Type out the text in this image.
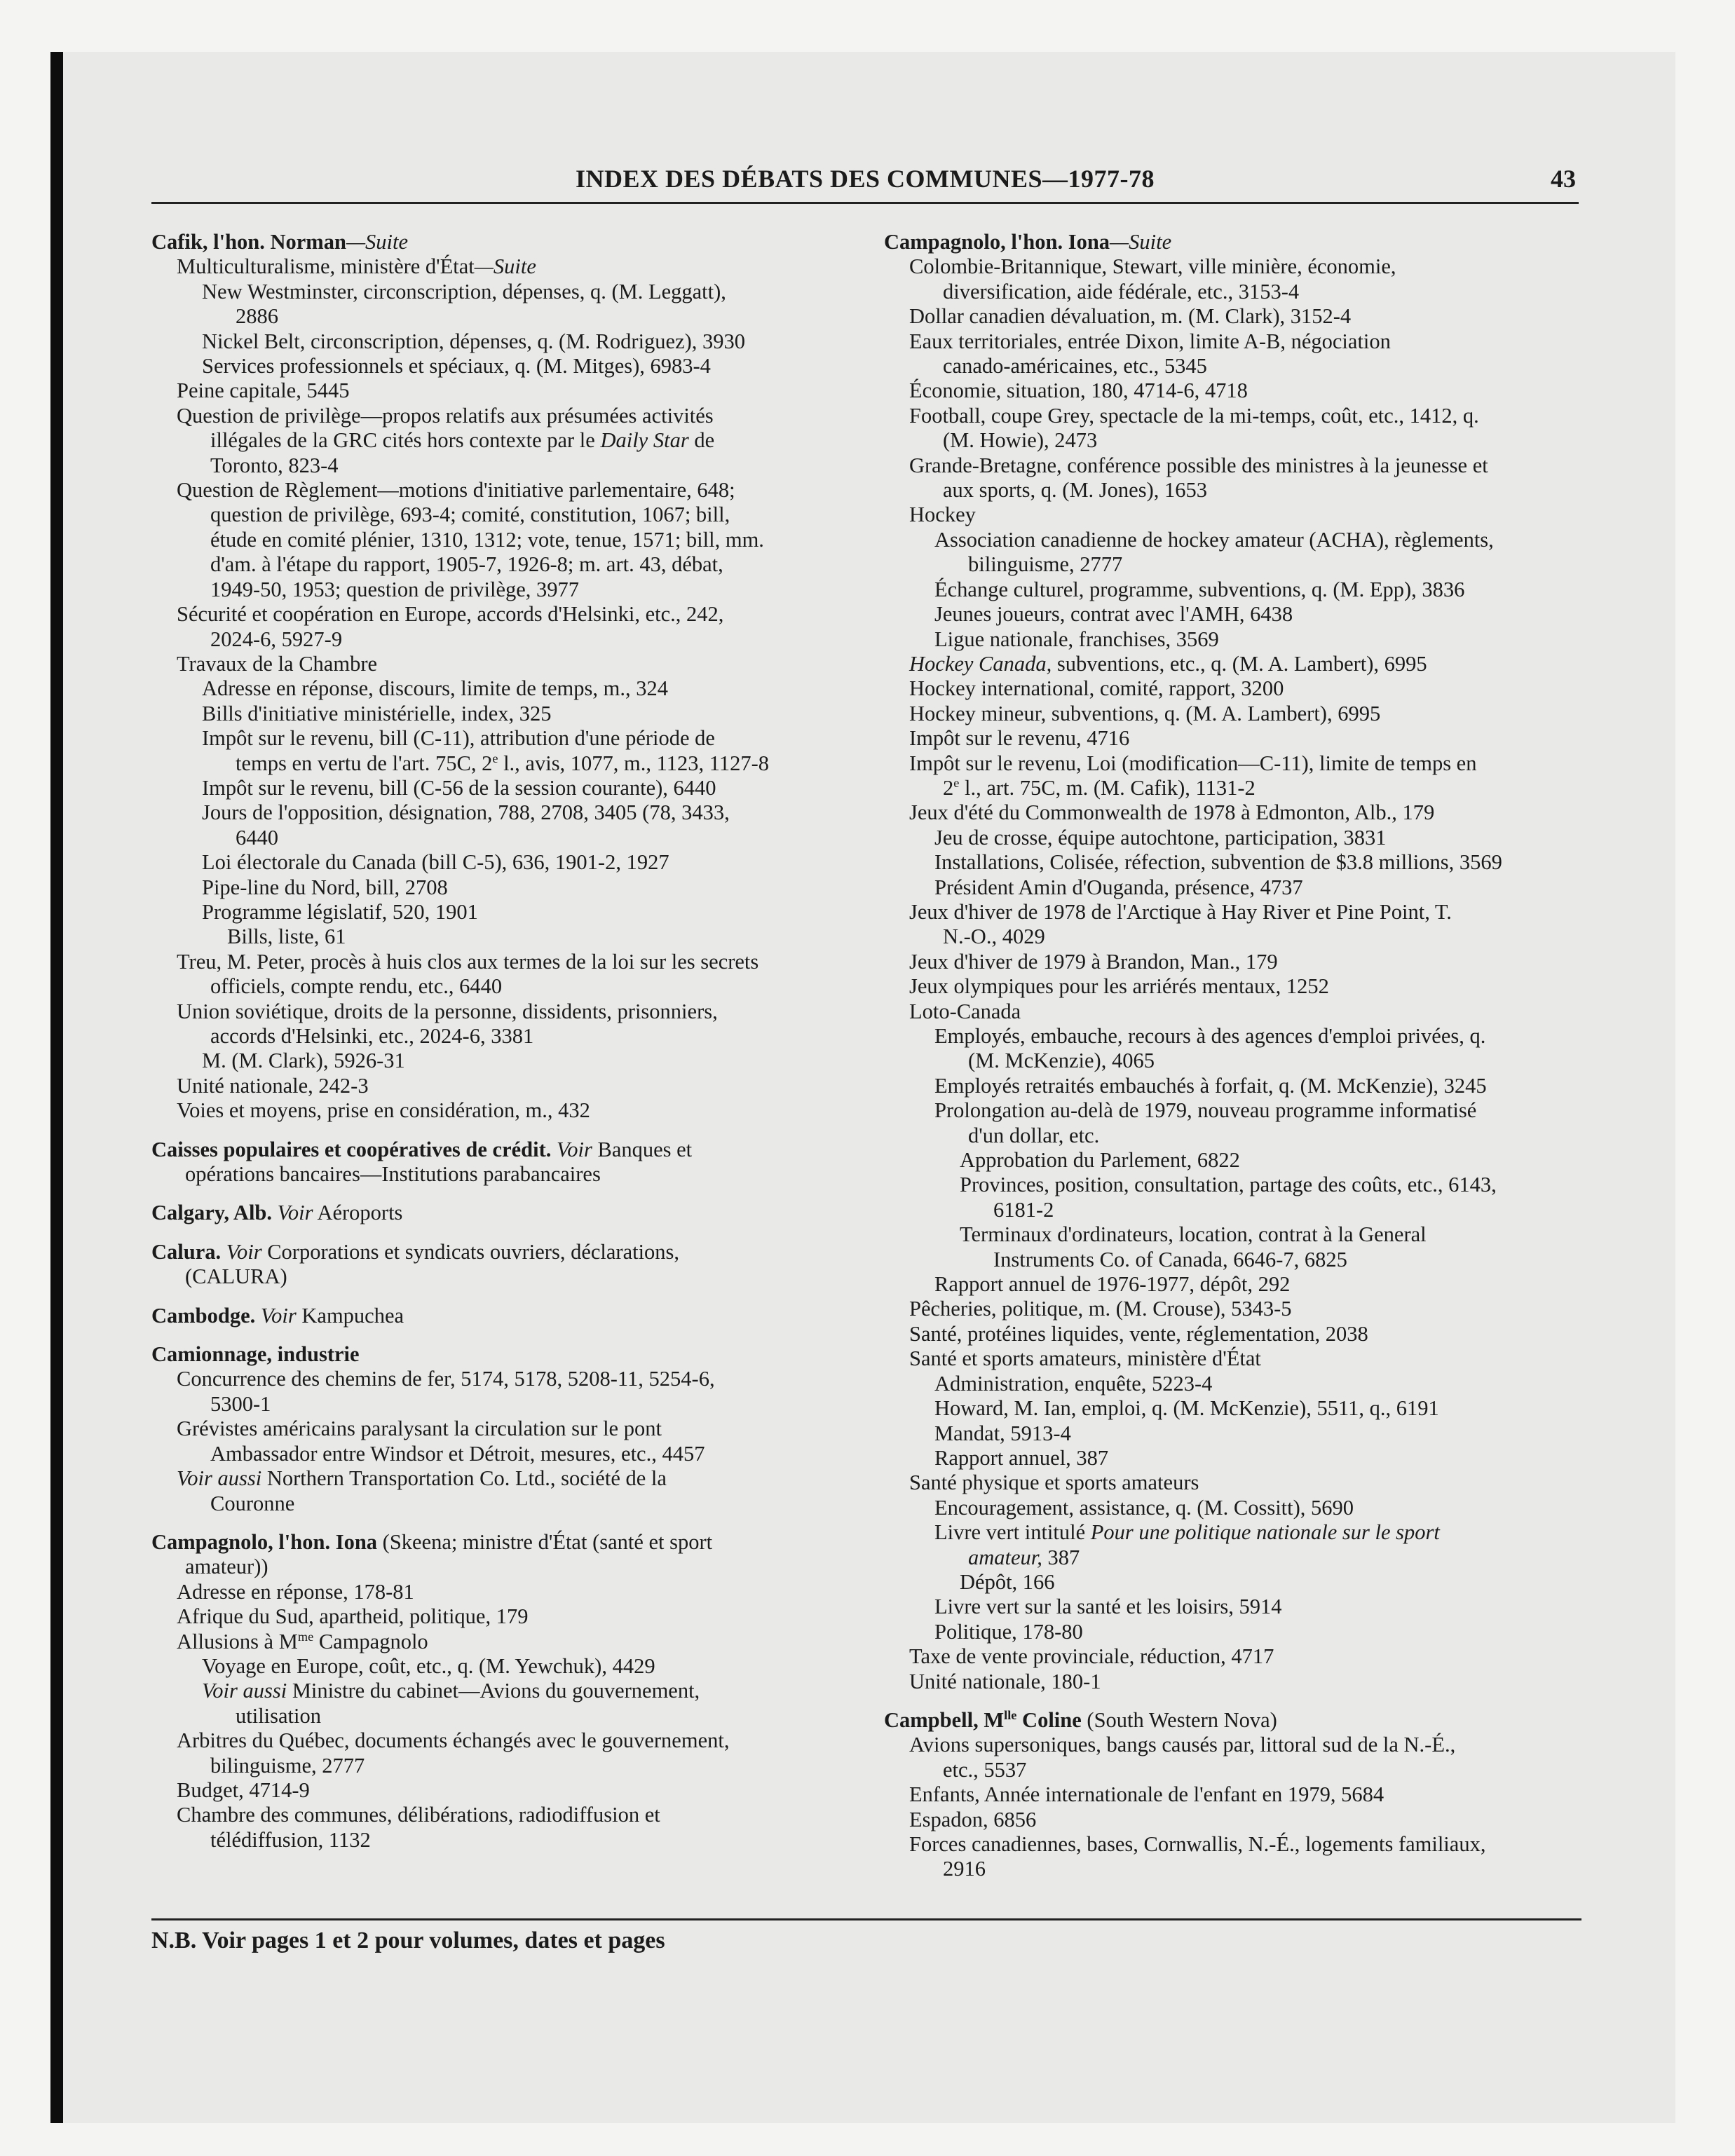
INDEX DES DÉBATS DES COMMUNES—1977-78	43
Cafik, l'hon. Norman—Suite
Multiculturalisme, ministère d'État—Suite
New Westminster, circonscription, dépenses, q. (M. Leggatt),
2886
Nickel Belt, circonscription, dépenses, q. (M. Rodriguez), 3930
Services professionnels et spéciaux, q. (M. Mitges), 6983-4
Peine capitale, 5445
Question de privilège—propos relatifs aux présumées activités
illégales de la GRC cités hors contexte par le Daily Star de
Toronto, 823-4
Question de Règlement—motions d'initiative parlementaire, 648;
question de privilège, 693-4; comité, constitution, 1067; bill,
étude en comité plénier, 1310, 1312; vote, tenue, 1571; bill, mm.
d'am. à l'étape du rapport, 1905-7, 1926-8; m. art. 43, débat,
1949-50, 1953; question de privilège, 3977
Sécurité et coopération en Europe, accords d'Helsinki, etc., 242,
2024-6, 5927-9
Travaux de la Chambre
Adresse en réponse, discours, limite de temps, m., 324
Bills d'initiative ministérielle, index, 325
Impôt sur le revenu, bill (C-11), attribution d'une période de
temps en vertu de l'art. 75C, 2e l., avis, 1077, m., 1123, 1127-8
Impôt sur le revenu, bill (C-56 de la session courante), 6440
Jours de l'opposition, désignation, 788, 2708, 3405 (78, 3433,
6440
Loi électorale du Canada (bill C-5), 636, 1901-2, 1927
Pipe-line du Nord, bill, 2708
Programme législatif, 520, 1901
Bills, liste, 61
Treu, M. Peter, procès à huis clos aux termes de la loi sur les secrets
officiels, compte rendu, etc., 6440
Union soviétique, droits de la personne, dissidents, prisonniers,
accords d'Helsinki, etc., 2024-6, 3381
M. (M. Clark), 5926-31
Unité nationale, 242-3
Voies et moyens, prise en considération, m., 432
Caisses populaires et coopératives de crédit. Voir Banques et
opérations bancaires—Institutions parabancaires
Calgary, Alb. Voir Aéroports
Calura. Voir Corporations et syndicats ouvriers, déclarations,
(CALURA)
Cambodge. Voir Kampuchea
Camionnage, industrie
Concurrence des chemins de fer, 5174, 5178, 5208-11, 5254-6,
5300-1
Grévistes américains paralysant la circulation sur le pont
Ambassador entre Windsor et Détroit, mesures, etc., 4457
Voir aussi Northern Transportation Co. Ltd., société de la
Couronne
Campagnolo, l'hon. Iona (Skeena; ministre d'État (santé et sport
amateur))
Adresse en réponse, 178-81
Afrique du Sud, apartheid, politique, 179
Allusions à $M^{me}$ Campagnolo
Voyage en Europe, coût, etc., q. (M. Yewchuk), 4429
Voir aussi Ministre du cabinet—Avions du gouvernement,
utilisation
Arbitres du Québec, documents échangés avec le gouvernement,
bilinguisme, 2777
Budget, 4714-9
Chambre des communes, délibérations, radiodiffusion et
télédiffusion, 1132
Campagnolo, l'hon. Iona—Suite
Colombie-Britannique, Stewart, ville minière, économie,
diversification, aide fédérale, etc., 3153-4
Dollar canadien dévaluation, m. (M. Clark), 3152-4
Eaux territoriales, entrée Dixon, limite A-B, négociation
canado-américaines, etc., 5345
Économie, situation, 180, 4714-6, 4718
Football, coupe Grey, spectacle de la mi-temps, coût, etc., 1412, q.
(M. Howie), 2473
Grande-Bretagne, conférence possible des ministres à la jeunesse et
aux sports, q. (M. Jones), 1653
Hockey
Association canadienne de hockey amateur (ACHA), règlements,
bilinguisme, 2777
Échange culturel, programme, subventions, q. (M. Epp), 3836
Jeunes joueurs, contrat avec l'AMH, 6438
Ligue nationale, franchises, 3569
Hockey Canada, subventions, etc., q. (M. A. Lambert), 6995
Hockey international, comité, rapport, 3200
Hockey mineur, subventions, q. (M. A. Lambert), 6995
Impôt sur le revenu, 4716
Impôt sur le revenu, Loi (modification—C-11), limite de temps en
2e l., art. 75C, m. (M. Cafik), 1131-2
Jeux d'été du Commonwealth de 1978 à Edmonton, Alb., 179
Jeu de crosse, équipe autochtone, participation, 3831
Installations, Colisée, réfection, subvention de $3.8 millions, 3569
Président Amin d'Ouganda, présence, 4737
Jeux d'hiver de 1978 de l'Arctique à Hay River et Pine Point, T.
N.-O., 4029
Jeux d'hiver de 1979 à Brandon, Man., 179
Jeux olympiques pour les arriérés mentaux, 1252
Loto-Canada
Employés, embauche, recours à des agences d'emploi privées, q.
(M. McKenzie), 4065
Employés retraités embauchés à forfait, q. (M. McKenzie), 3245
Prolongation au-delà de 1979, nouveau programme informatisé
d'un dollar, etc.
Approbation du Parlement, 6822
Provinces, position, consultation, partage des coûts, etc., 6143,
6181-2
Terminaux d'ordinateurs, location, contrat à la General
Instruments Co. of Canada, 6646-7, 6825
Rapport annuel de 1976-1977, dépôt, 292
Pêcheries, politique, m. (M. Crouse), 5343-5
Santé, protéines liquides, vente, réglementation, 2038
Santé et sports amateurs, ministère d'État
Administration, enquête, 5223-4
Howard, M. Ian, emploi, q. (M. McKenzie), 5511, q., 6191
Mandat, 5913-4
Rapport annuel, 387
Santé physique et sports amateurs
Encouragement, assistance, q. (M. Cossitt), 5690
Livre vert intitulé Pour une politique nationale sur le sport
amateur, 387
Dépôt, 166
Livre vert sur la santé et les loisirs, 5914
Politique, 178-80
Taxe de vente provinciale, réduction, 4717
Unité nationale, 180-1
Campbell, $M^{lle}$ Coline (South Western Nova)
Avions supersoniques, bangs causés par, littoral sud de la N.-É.,
etc., 5537
Enfants, Année internationale de l'enfant en 1979, 5684
Espadon, 6856
Forces canadiennes, bases, Cornwallis, N.-É., logements familiaux,
2916
N.B. Voir pages 1 et 2 pour volumes, dates et pages
